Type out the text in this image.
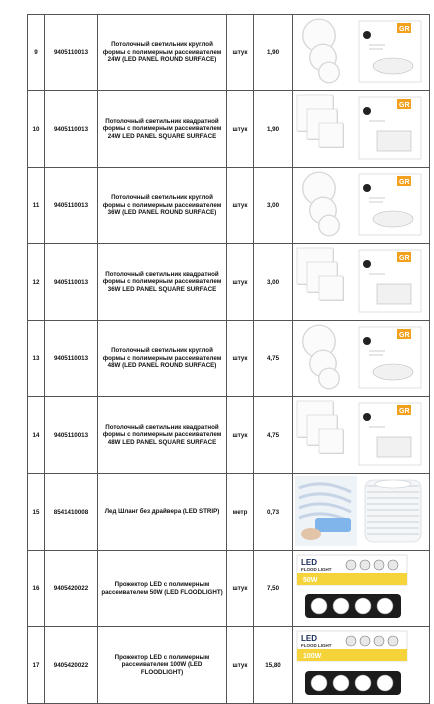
9	9405110013	Потолочный светильник круглой формы с полимерным рассеивателем 24W (LED PANEL ROUND SURFACE)	штук	1,90	GR

10	9405110013	Потолочный светильник квадратной формы с полимерным рассеивателем 24W LED PANEL SQUARE SURFACE	штук	1,90	GR

11	9405110013	Потолочный светильник круглой формы с полимерным рассеивателем 36W (LED PANEL ROUND SURFACE)	штук	3,00	GR

12	9405110013	Потолочный светильник квадратной формы с полимерным рассеивателем 36W LED PANEL SQUARE SURFACE	штук	3,00	GR

13	9405110013	Потолочный светильник круглой формы с полимерным рассеивателем 48W (LED PANEL ROUND SURFACE)	штук	4,75	GR

14	9405110013	Потолочный светильник квадратной формы с полимерным рассеивателем 48W LED PANEL SQUARE SURFACE	штук	4,75	GR

15	8541410008	Лед Шланг без драйвера (LED STRIP)	метр	0,73	
16	9405420022	Прожектор LED с полимерным рассеивателем 50W (LED FLOODLIGHT)	штук	7,50	LED
FLOOD LIGHT
50W

17	9405420022	Прожектор LED с полимерным рассеивателем 100W (LED FLOODLIGHT)	штук	15,80	LED
FLOOD LIGHT
100W
